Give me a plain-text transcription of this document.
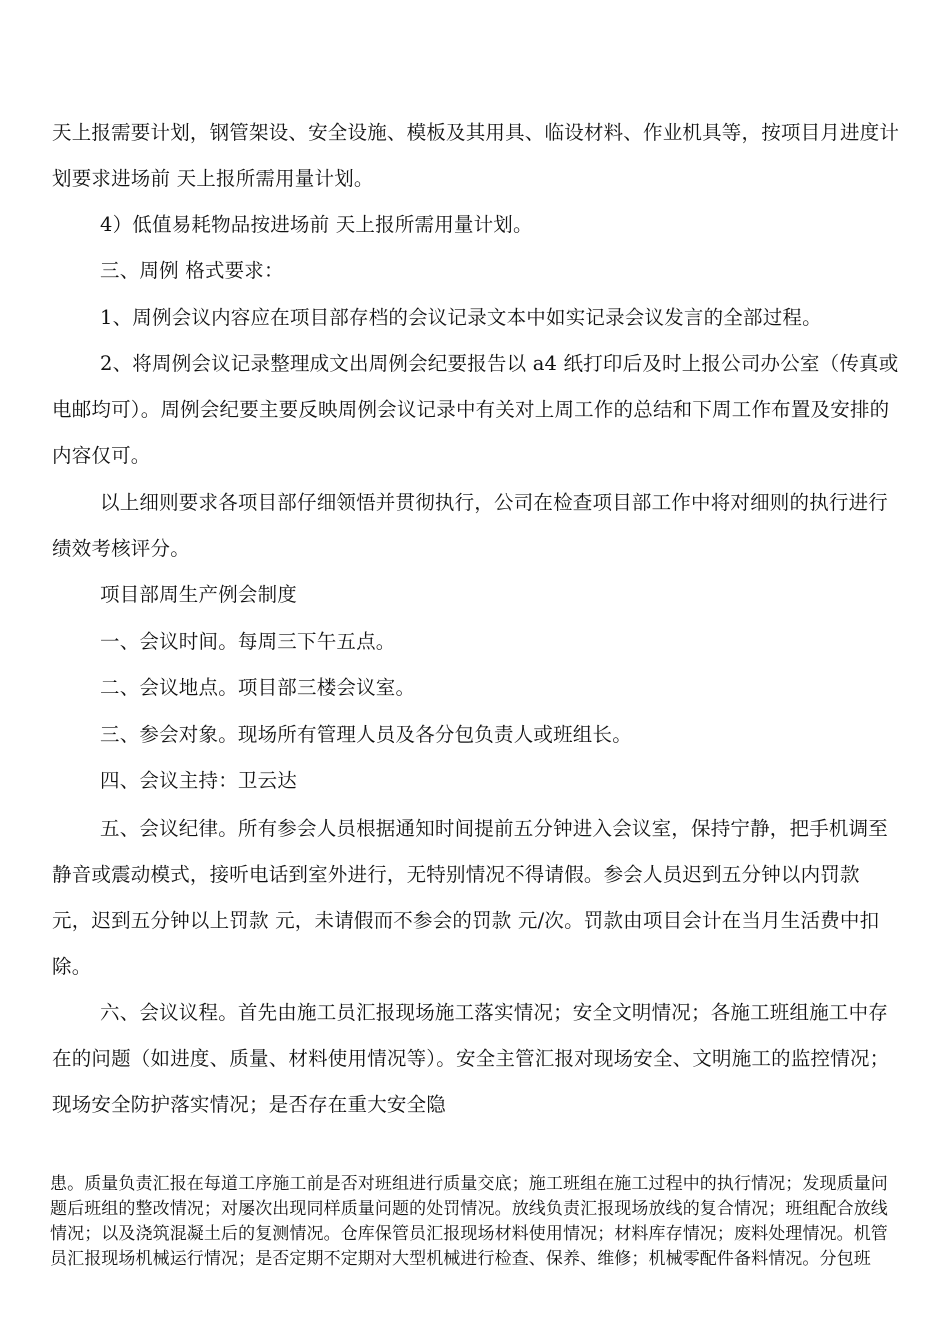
天上报需要计划，钢管架设、安全设施、模板及其用具、临设材料、作业机具等，按项目月进度计划要求进场前 天上报所需用量计划。

4）低值易耗物品按进场前 天上报所需用量计划。

三、周例 格式要求：

1、周例会议内容应在项目部存档的会议记录文本中如实记录会议发言的全部过程。

2、将周例会议记录整理成文出周例会纪要报告以 a4 纸打印后及时上报公司办公室（传真或电邮均可）。周例会纪要主要反映周例会议记录中有关对上周工作的总结和下周工作布置及安排的内容仅可。

以上细则要求各项目部仔细领悟并贯彻执行，公司在检查项目部工作中将对细则的执行进行绩效考核评分。

项目部周生产例会制度

一、会议时间。每周三下午五点。

二、会议地点。项目部三楼会议室。

三、参会对象。现场所有管理人员及各分包负责人或班组长。

四、会议主持：卫云达

五、会议纪律。所有参会人员根据通知时间提前五分钟进入会议室，保持宁静，把手机调至静音或震动模式，接听电话到室外进行，无特别情况不得请假。参会人员迟到五分钟以内罚款 元，迟到五分钟以上罚款 元，未请假而不参会的罚款 元/次。罚款由项目会计在当月生活费中扣除。

六、会议议程。首先由施工员汇报现场施工落实情况；安全文明情况；各施工班组施工中存在的问题（如进度、质量、材料使用情况等）。安全主管汇报对现场安全、文明施工的监控情况；现场安全防护落实情况；是否存在重大安全隐

患。质量负责汇报在每道工序施工前是否对班组进行质量交底；施工班组在施工过程中的执行情况；发现质量问题后班组的整改情况；对屡次出现同样质量问题的处罚情况。放线负责汇报现场放线的复合情况；班组配合放线情况；以及浇筑混凝土后的复测情况。仓库保管员汇报现场材料使用情况；材料库存情况；废料处理情况。机管员汇报现场机械运行情况；是否定期不定期对大型机械进行检查、保养、维修；机械零配件备料情况。分包班
